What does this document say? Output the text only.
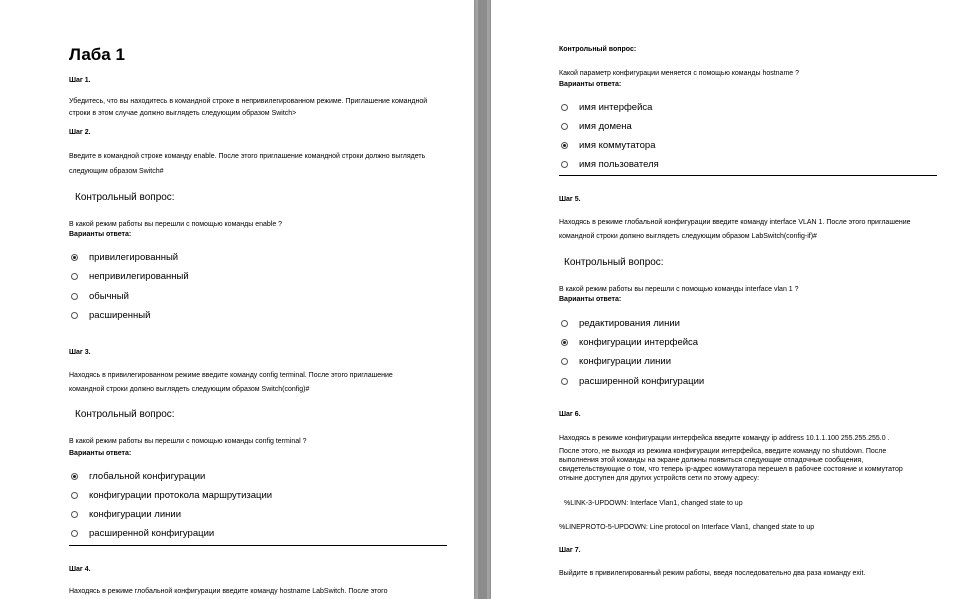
Лаба 1
Шаг 1.
Убедитесь, что вы находитесь в командной строке в непривилегированном режиме. Приглашение командной
строки в этом случае должно выглядеть следующим образом Switch>
Шаг 2.
Введите в командной строке команду enable. После этого приглашение командной строки должно выглядеть
следующим образом Switch#
Контрольный вопрос:
В какой режим работы вы перешли с помощью команды enable ?
Варианты ответа:
привилегированный
непривилегированный
обычный
расширенный
Шаг 3.
Находясь в привилегированном режиме введите команду config terminal. После этого приглашение
командной строки должно выглядеть следующим образом Switch(config)#
Контрольный вопрос:
В какой режим работы вы перешли с помощью команды config terminal ?
Варианты ответа:
глобальной конфигурации
конфигурации протокола маршрутизации
конфигурации линии
расширенной конфигурации
Шаг 4.
Находясь в режиме глобальной конфигурации введите команду hostname LabSwitch. После этого
Контрольный вопрос:
Какой параметр конфигурации меняется с помощью команды hostname ?
Варианты ответа:
имя интерфейса
имя домена
имя коммутатора
имя пользователя
Шаг 5.
Находясь в режиме глобальной конфигурации введите команду interface VLAN 1. После этого приглашение
командной строки должно выглядеть следующим образом LabSwitch(config-if)#
Контрольный вопрос:
В какой режим работы вы перешли с помощью команды interface vlan 1 ?
Варианты ответа:
редактирования линии
конфигурации интерфейса
конфигурации линии
расширенной конфигурации
Шаг 6.
Находясь в режиме конфигурации интерфейса введите команду ip address 10.1.1.100 255.255.255.0 .
После этого, не выходя из режима конфигурации интерфейса, введите команду no shutdown. После
выполнения этой команды на экране должны появиться следующие отладочные сообщения,
свидетельствующие о том, что теперь ip-адрес коммутатора перешел в рабочее состояние и коммутатор
отныне доступен для других устройств сети по этому адресу:
%LINK-3-UPDOWN: Interface Vlan1, changed state to up
%LINEPROTO-5-UPDOWN: Line protocol on Interface Vlan1, changed state to up
Шаг 7.
Выйдите в привилегированный режим работы, введя последовательно два раза команду exit.
